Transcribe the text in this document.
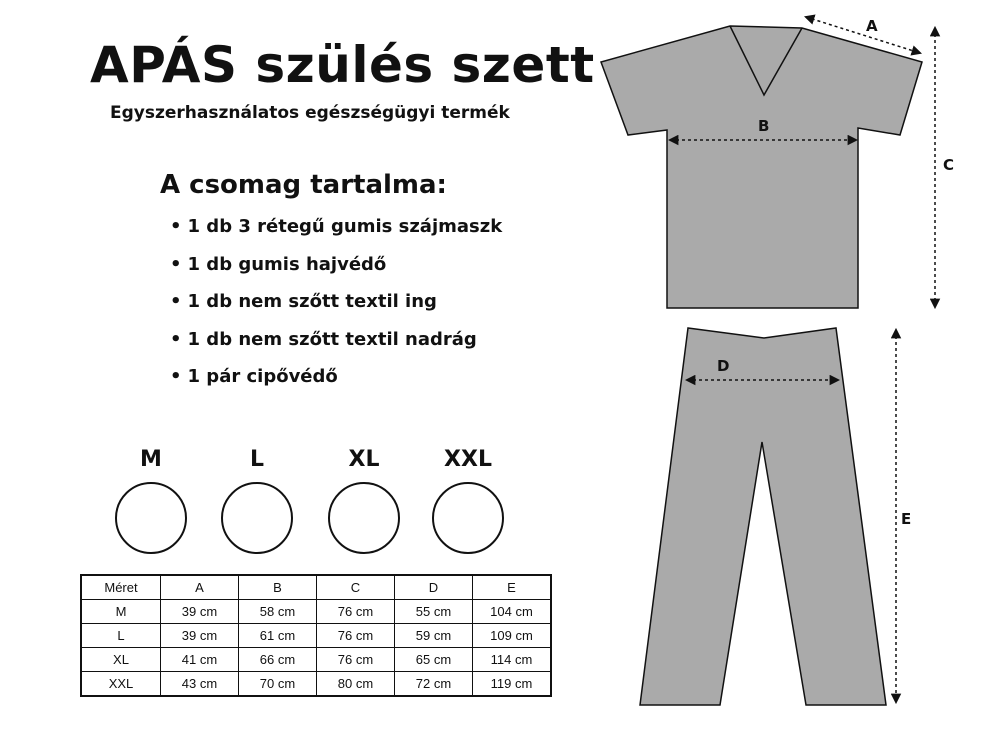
APÁS szülés szett
Egyszerhasználatos egészségügyi termék
A csomag tartalma:
• 1 db 3 rétegű gumis szájmaszk
• 1 db gumis hajvédő
• 1 db nem szőtt textil ing
• 1 db nem szőtt textil nadrág
• 1 pár cipővédő
M	L	XL	XXL
Méret	A	B	C	D	E
M	39 cm	58 cm	76 cm	55 cm	104 cm
L	39 cm	61 cm	76 cm	59 cm	109 cm
XL	41 cm	66 cm	76 cm	65 cm	114 cm
XXL	43 cm	70 cm	80 cm	72 cm	119 cm
A
B
C
D
E
